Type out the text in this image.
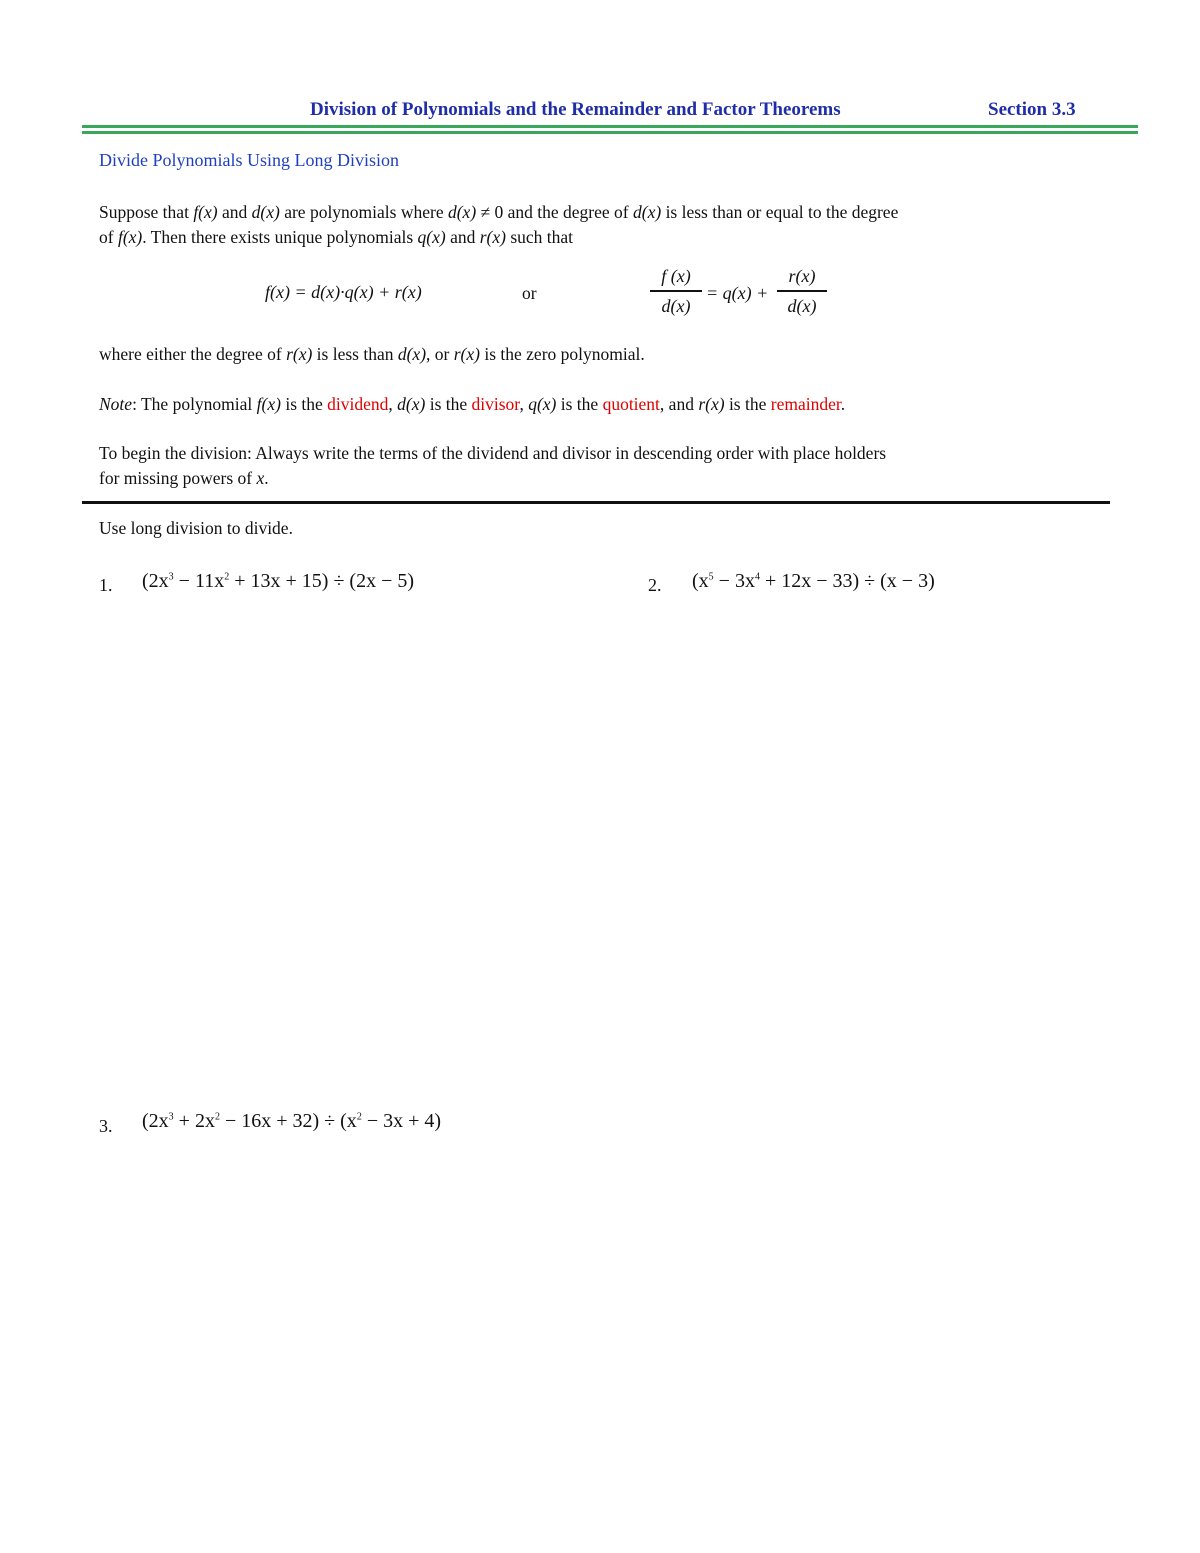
Division of Polynomials and the Remainder and Factor Theorems	Section 3.3
Divide Polynomials Using Long Division
Suppose that f(x) and d(x) are polynomials where d(x) ≠ 0 and the degree of d(x) is less than or equal to the degree
of f(x). Then there exists unique polynomials q(x) and r(x) such that
f(x) = d(x)·q(x) + r(x)	or
f (x)
d(x)
= q(x) +
r(x)
d(x)
where either the degree of r(x) is less than d(x), or r(x) is the zero polynomial.
Note: The polynomial f(x) is the dividend, d(x) is the divisor, q(x) is the quotient, and r(x) is the remainder.
To begin the division: Always write the terms of the dividend and divisor in descending order with place holders
for missing powers of x.
Use long division to divide.
1. $(2x^3 - 11x^2 + 13x + 15) \div (2x - 5)$	2. $(x^5 - 3x^4 + 12x - 33) \div (x - 3)$
3. $(2x^3 + 2x^2 - 16x + 32) \div (x^2 - 3x + 4)$
